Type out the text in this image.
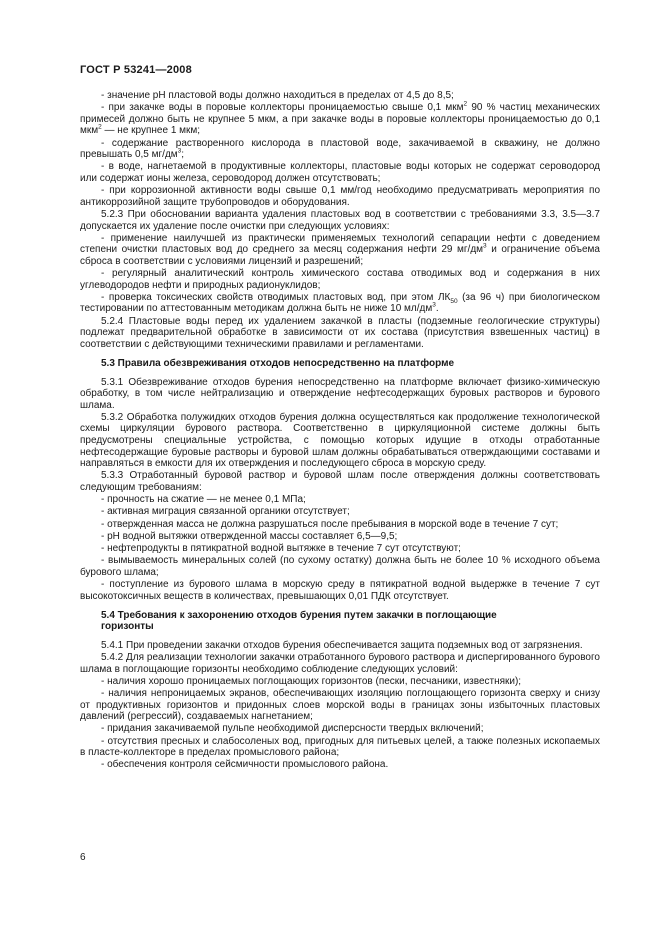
ГОСТ Р 53241—2008

- значение pH пластовой воды должно находиться в пределах от 4,5 до 8,5;

- при закачке воды в поровые коллекторы проницаемостью свыше 0,1 мкм$^2$ 90 % частиц механических примесей должно быть не крупнее 5 мкм, а при закачке воды в поровые коллекторы проницаемостью до 0,1 мкм$^2$ — не крупнее 1 мкм;

- содержание растворенного кислорода в пластовой воде, закачиваемой в скважину, не должно превышать 0,5 $мг/дм^3$;

- в воде, нагнетаемой в продуктивные коллекторы, пластовые воды которых не содержат сероводород или содержат ионы железа, сероводород должен отсутствовать;

- при коррозионной активности воды свыше 0,1 мм/год необходимо предусматривать мероприятия по антикоррозийной защите трубопроводов и оборудования.

5.2.3 При обосновании варианта удаления пластовых вод в соответствии с требованиями 3.3, 3.5—3.7 допускается их удаление после очистки при следующих условиях:

- применение наилучшей из практически применяемых технологий сепарации нефти с доведением степени очистки пластовых вод до среднего за месяц содержания нефти 29 $мг/дм^3$ и ограничение объема сброса в соответствии с условиями лицензий и разрешений;

- регулярный аналитический контроль химического состава отводимых вод и содержания в них углеводородов нефти и природных радионуклидов;

- проверка токсических свойств отводимых пластовых вод, при этом $ЛК_{50}$ (за 96 ч) при биологическом тестировании по аттестованным методикам должна быть не ниже 10 $мл/дм^3$.

5.2.4 Пластовые воды перед их удалением закачкой в пласты (подземные геологические структуры) подлежат предварительной обработке в зависимости от их состава (присутствия взвешенных частиц) в соответствии с действующими техническими правилами и регламентами.

5.3 Правила обезвреживания отходов непосредственно на платформе

5.3.1 Обезвреживание отходов бурения непосредственно на платформе включает физико-химическую обработку, в том числе нейтрализацию и отверждение нефтесодержащих буровых растворов и бурового шлама.

5.3.2 Обработка полужидких отходов бурения должна осуществляться как продолжение технологической схемы циркуляции бурового раствора. Соответственно в циркуляционной системе должны быть предусмотрены специальные устройства, с помощью которых идущие в отходы отработанные нефтесодержащие буровые растворы и буровой шлам должны обрабатываться отверждающими составами и направляться в емкости для их отверждения и последующего сброса в морскую среду.

5.3.3 Отработанный буровой раствор и буровой шлам после отверждения должны соответствовать следующим требованиям:

- прочность на сжатие — не менее 0,1 МПа;

- активная миграция связанной органики отсутствует;

- отвержденная масса не должна разрушаться после пребывания в морской воде в течение 7 сут;

- pH водной вытяжки отвержденной массы составляет 6,5—9,5;

- нефтепродукты в пятикратной водной вытяжке в течение 7 сут отсутствуют;

- вымываемость минеральных солей (по сухому остатку) должна быть не более 10 % исходного объема бурового шлама;

- поступление из бурового шлама в морскую среду в пятикратной водной выдержке в течение 7 сут высокотоксичных веществ в количествах, превышающих 0,01 ПДК отсутствует.

5.4 Требования к захоронению отходов бурения путем закачки в поглощающие
горизонты

5.4.1 При проведении закачки отходов бурения обеспечивается защита подземных вод от загрязнения.

5.4.2 Для реализации технологии закачки отработанного бурового раствора и диспергированного бурового шлама в поглощающие горизонты необходимо соблюдение следующих условий:

- наличия хорошо проницаемых поглощающих горизонтов (пески, песчаники, известняки);

- наличия непроницаемых экранов, обеспечивающих изоляцию поглощающего горизонта сверху и снизу от продуктивных горизонтов и придонных слоев морской воды в границах зоны избыточных пластовых давлений (регрессий), создаваемых нагнетанием;

- придания закачиваемой пульпе необходимой дисперсности твердых включений;

- отсутствия пресных и слабосоленых вод, пригодных для питьевых целей, а также полезных ископаемых в пласте-коллекторе в пределах промыслового района;

- обеспечения контроля сейсмичности промыслового района.

6
